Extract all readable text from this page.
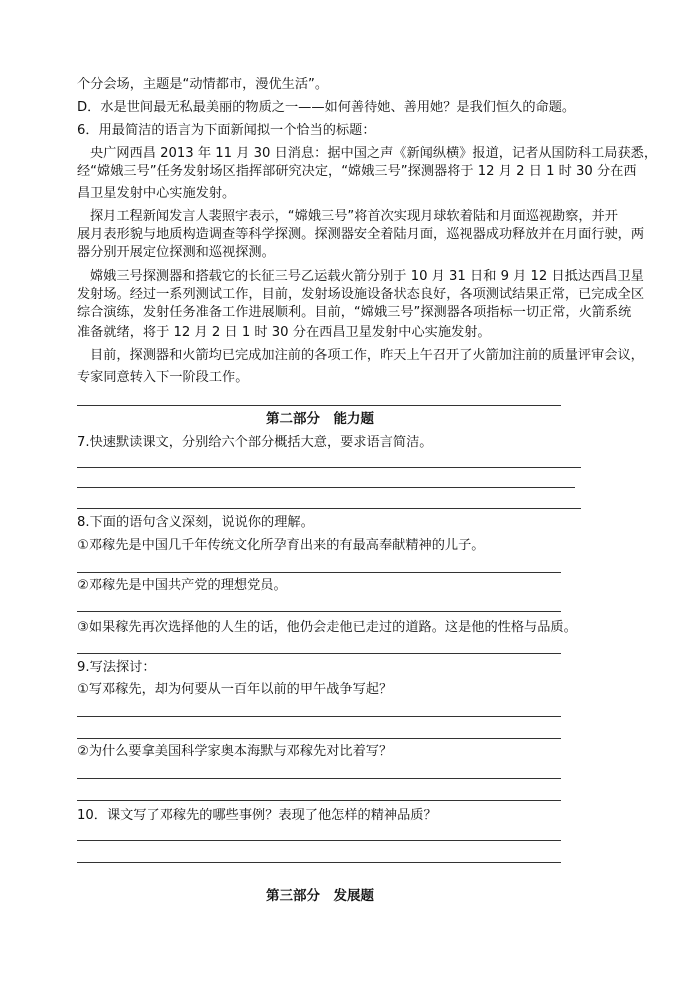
个分会场，主题是“动情都市，漫优生活”。
D．水是世间最无私最美丽的物质之一——如何善待她、善用她？是我们恒久的命题。
6．用最简洁的语言为下面新闻拟一个恰当的标题：
央广网西昌 2013 年 11 月 30 日消息：据中国之声《新闻纵横》报道，记者从国防科工局获悉，
经“嫦娥三号”任务发射场区指挥部研究决定，“嫦娥三号”探测器将于 12 月 2 日 1 时 30 分在西
昌卫星发射中心实施发射。
探月工程新闻发言人裴照宇表示，“嫦娥三号”将首次实现月球软着陆和月面巡视勘察，并开
展月表形貌与地质构造调查等科学探测。探测器安全着陆月面，巡视器成功释放并在月面行驶，两
器分别开展定位探测和巡视探测。
嫦娥三号探测器和搭载它的长征三号乙运载火箭分别于 10 月 31 日和 9 月 12 日抵达西昌卫星
发射场。经过一系列测试工作，目前，发射场设施设备状态良好，各项测试结果正常，已完成全区
综合演练，发射任务准备工作进展顺利。目前，“嫦娥三号”探测器各项指标一切正常，火箭系统
准备就绪，将于 12 月 2 日 1 时 30 分在西昌卫星发射中心实施发射。
目前，探测器和火箭均已完成加注前的各项工作，昨天上午召开了火箭加注前的质量评审会议，
专家同意转入下一阶段工作。
第二部分　能力题
7.快速默读课文，分别给六个部分概括大意，要求语言简洁。
8.下面的语句含义深刻，说说你的理解。
①邓稼先是中国几千年传统文化所孕育出来的有最高奉献精神的儿子。
②邓稼先是中国共产党的理想党员。
③如果稼先再次选择他的人生的话，他仍会走他已走过的道路。这是他的性格与品质。
9.写法探讨：
①写邓稼先，却为何要从一百年以前的甲午战争写起？
②为什么要拿美国科学家奥本海默与邓稼先对比着写？
10．课文写了邓稼先的哪些事例？表现了他怎样的精神品质？
第三部分　发展题
